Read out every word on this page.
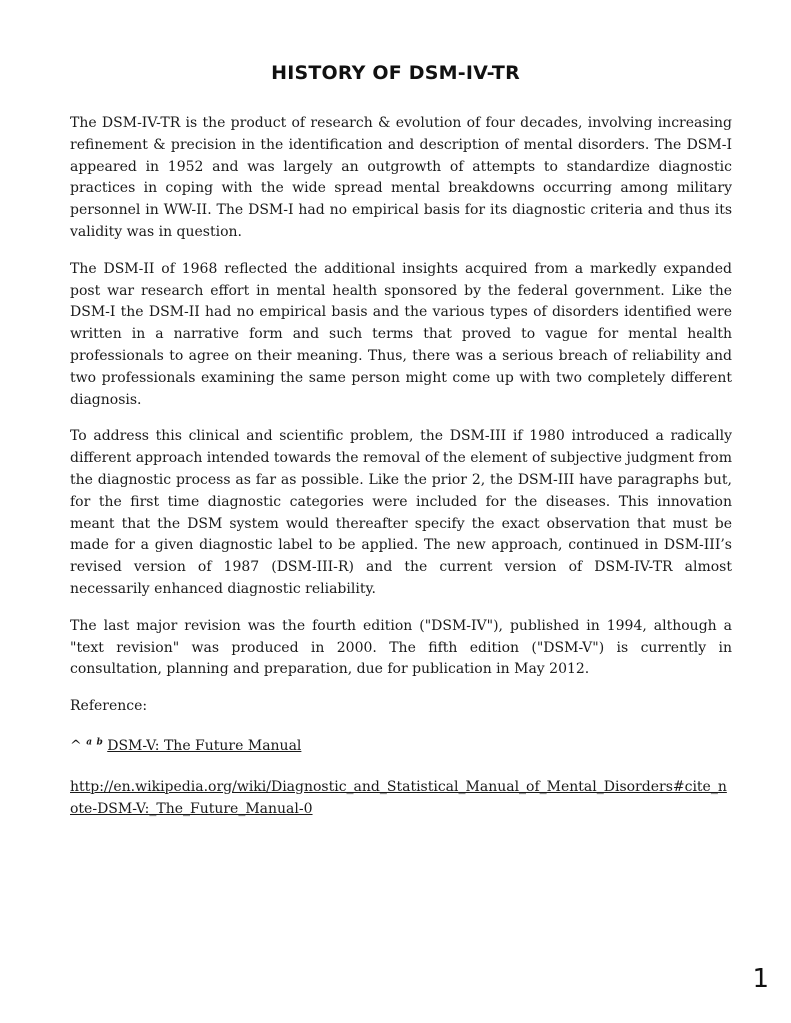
HISTORY OF DSM-IV-TR

The DSM-IV-TR is the product of research & evolution of four decades, involving increasing refinement & precision in the identification and description of mental disorders. The DSM-I appeared in 1952 and was largely an outgrowth of attempts to standardize diagnostic practices in coping with the wide spread mental breakdowns occurring among military personnel in WW-II. The DSM-I had no empirical basis for its diagnostic criteria and thus its validity was in question.

The DSM-II of 1968 reflected the additional insights acquired from a markedly expanded post war research effort in mental health sponsored by the federal government. Like the DSM-I the DSM-II had no empirical basis and the various types of disorders identified were written in a narrative form and such terms that proved to vague for mental health professionals to agree on their meaning. Thus, there was a serious breach of reliability and two professionals examining the same person might come up with two completely different diagnosis.

To address this clinical and scientific problem, the DSM-III if 1980 introduced a radically different approach intended towards the removal of the element of subjective judgment from the diagnostic process as far as possible. Like the prior 2, the DSM-III have paragraphs but, for the first time diagnostic categories were included for the diseases. This innovation meant that the DSM system would thereafter specify the exact observation that must be made for a given diagnostic label to be applied. The new approach, continued in DSM-III’s revised version of 1987 (DSM-III-R) and the current version of DSM-IV-TR almost necessarily enhanced diagnostic reliability.

The last major revision was the fourth edition ("DSM-IV"), published in 1994, although a "text revision" was produced in 2000. The fifth edition ("DSM-V") is currently in consultation, planning and preparation, due for publication in May 2012.

Reference:

^ $^a$ $^b$ DSM-V: The Future Manual

http://en.wikipedia.org/wiki/Diagnostic_and_Statistical_Manual_of_Mental_Disorders#cite_note-DSM-V:_The_Future_Manual-0
1
